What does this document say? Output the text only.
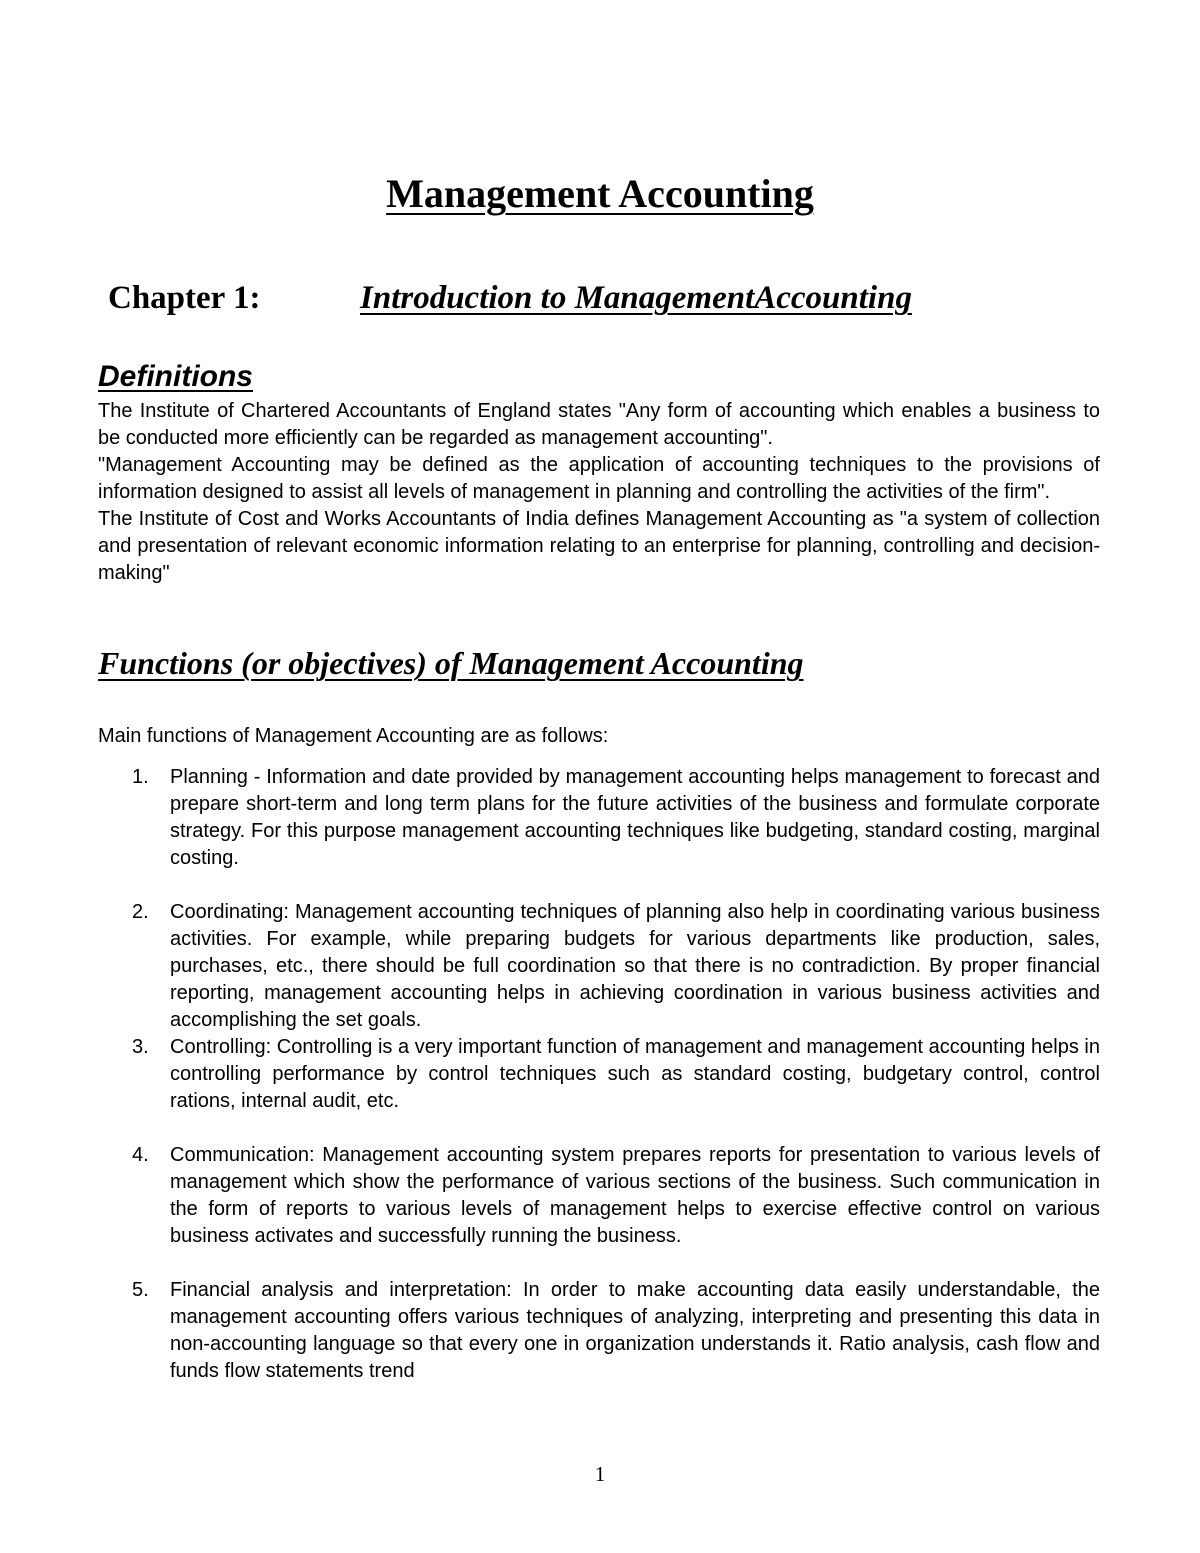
Management Accounting
Chapter 1:	Introduction to ManagementAccounting
Definitions

The Institute of Chartered Accountants of England states "Any form of accounting which enables a business to be conducted more efficiently can be regarded as management accounting".

"Management Accounting may be defined as the application of accounting techniques to the provisions of information designed to assist all levels of management in planning and controlling the activities of the firm".

The Institute of Cost and Works Accountants of India defines Management Accounting as "a system of collection and presentation of relevant economic information relating to an enterprise for planning, controlling and decision-making"

Functions (or objectives) of Management Accounting

Main functions of Management Accounting are as follows:

1. Planning - Information and date provided by management accounting helps management to forecast and prepare short-term and long term plans for the future activities of the business and formulate corporate strategy. For this purpose management accounting techniques like budgeting, standard costing, marginal costing.
2. Coordinating: Management accounting techniques of planning also help in coordinating various business activities. For example, while preparing budgets for various departments like production, sales, purchases, etc., there should be full coordination so that there is no contradiction. By proper financial reporting, management accounting helps in achieving coordination in various business activities and accomplishing the set goals.
3. Controlling: Controlling is a very important function of management and management accounting helps in controlling performance by control techniques such as standard costing, budgetary control, control rations, internal audit, etc.
4. Communication: Management accounting system prepares reports for presentation to various levels of management which show the performance of various sections of the business. Such communication in the form of reports to various levels of management helps to exercise effective control on various business activates and successfully running the business.
5. Financial analysis and interpretation: In order to make accounting data easily understandable, the management accounting offers various techniques of analyzing, interpreting and presenting this data in non-accounting language so that every one in organization understands it. Ratio analysis, cash flow and funds flow statements trend
1
